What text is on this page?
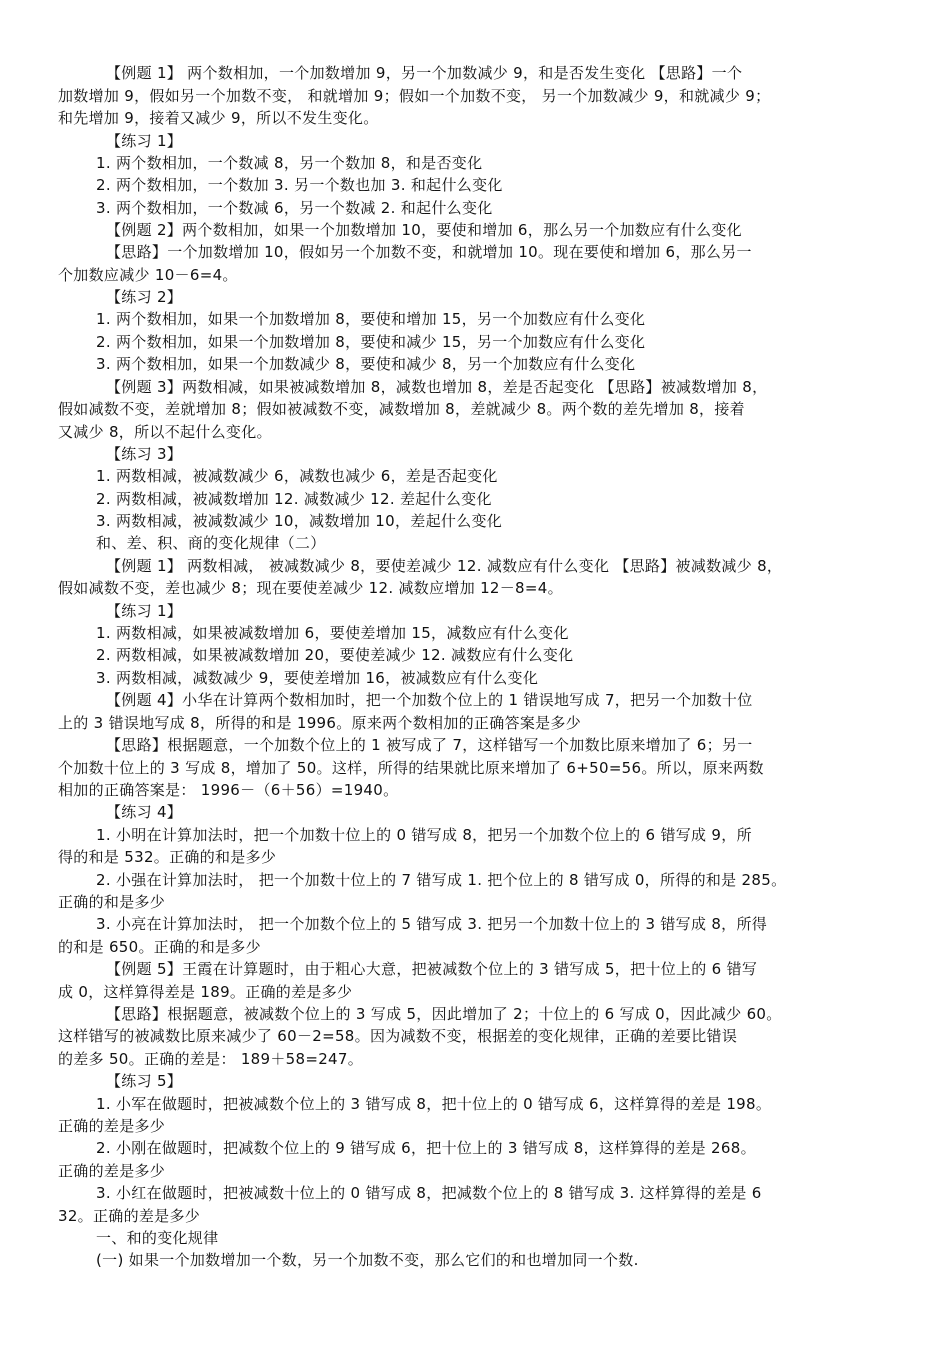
【例题 1】 两个数相加，一个加数增加 9，另一个加数减少 9，和是否发生变化 【思路】一个
加数增加 9，假如另一个加数不变， 和就增加 9；假如一个加数不变， 另一个加数减少 9，和就减少 9；
和先增加 9，接着又减少 9，所以不发生变化。
【练习 1】
1. 两个数相加，一个数减 8，另一个数加 8，和是否变化
2. 两个数相加，一个数加 3. 另一个数也加 3. 和起什么变化
3. 两个数相加，一个数减 6，另一个数减 2. 和起什么变化
【例题 2】两个数相加，如果一个加数增加 10，要使和增加 6，那么另一个加数应有什么变化
【思路】一个加数增加 10，假如另一个加数不变，和就增加 10。现在要使和增加 6，那么另一
个加数应减少 10－6=4。
【练习 2】
1. 两个数相加，如果一个加数增加 8，要使和增加 15，另一个加数应有什么变化
2. 两个数相加，如果一个加数增加 8，要使和减少 15，另一个加数应有什么变化
3. 两个数相加，如果一个加数减少 8，要使和减少 8，另一个加数应有什么变化
【例题 3】两数相减，如果被减数增加 8，减数也增加 8，差是否起变化 【思路】被减数增加 8，
假如减数不变，差就增加 8；假如被减数不变，减数增加 8，差就减少 8。两个数的差先增加 8，接着
又减少 8，所以不起什么变化。
【练习 3】
1. 两数相减，被减数减少 6，减数也减少 6，差是否起变化
2. 两数相减，被减数增加 12. 减数减少 12. 差起什么变化
3. 两数相减，被减数减少 10，减数增加 10，差起什么变化
和、差、积、商的变化规律（二）
【例题 1】 两数相减， 被减数减少 8，要使差减少 12. 减数应有什么变化 【思路】被减数减少 8，
假如减数不变，差也减少 8；现在要使差减少 12. 减数应增加 12－8=4。
【练习 1】
1. 两数相减，如果被减数增加 6，要使差增加 15，减数应有什么变化
2. 两数相减，如果被减数增加 20，要使差减少 12. 减数应有什么变化
3. 两数相减，减数减少 9，要使差增加 16，被减数应有什么变化
【例题 4】小华在计算两个数相加时，把一个加数个位上的 1 错误地写成 7，把另一个加数十位
上的 3 错误地写成 8，所得的和是 1996。原来两个数相加的正确答案是多少
【思路】根据题意，一个加数个位上的 1 被写成了 7，这样错写一个加数比原来增加了 6；另一
个加数十位上的 3 写成 8，增加了 50。这样，所得的结果就比原来增加了 6+50=56。所以，原来两数
相加的正确答案是： 1996－（6＋56）=1940。
【练习 4】
1. 小明在计算加法时，把一个加数十位上的 0 错写成 8，把另一个加数个位上的 6 错写成 9，所
得的和是 532。正确的和是多少
2. 小强在计算加法时， 把一个加数十位上的 7 错写成 1. 把个位上的 8 错写成 0，所得的和是 285。
正确的和是多少
3. 小亮在计算加法时， 把一个加数个位上的 5 错写成 3. 把另一个加数十位上的 3 错写成 8，所得
的和是 650。正确的和是多少
【例题 5】王霞在计算题时，由于粗心大意，把被减数个位上的 3 错写成 5，把十位上的 6 错写
成 0，这样算得差是 189。正确的差是多少
【思路】根据题意，被减数个位上的 3 写成 5，因此增加了 2；十位上的 6 写成 0，因此减少 60。
这样错写的被减数比原来减少了 60－2=58。因为减数不变，根据差的变化规律，正确的差要比错误
的差多 50。正确的差是： 189＋58=247。
【练习 5】
1. 小军在做题时，把被减数个位上的 3 错写成 8，把十位上的 0 错写成 6，这样算得的差是 198。
正确的差是多少
2. 小刚在做题时，把减数个位上的 9 错写成 6，把十位上的 3 错写成 8，这样算得的差是 268。
正确的差是多少
3. 小红在做题时，把被减数十位上的 0 错写成 8，把减数个位上的 8 错写成 3. 这样算得的差是 6
32。正确的差是多少
一、和的变化规律
(一) 如果一个加数增加一个数，另一个加数不变，那么它们的和也增加同一个数.
